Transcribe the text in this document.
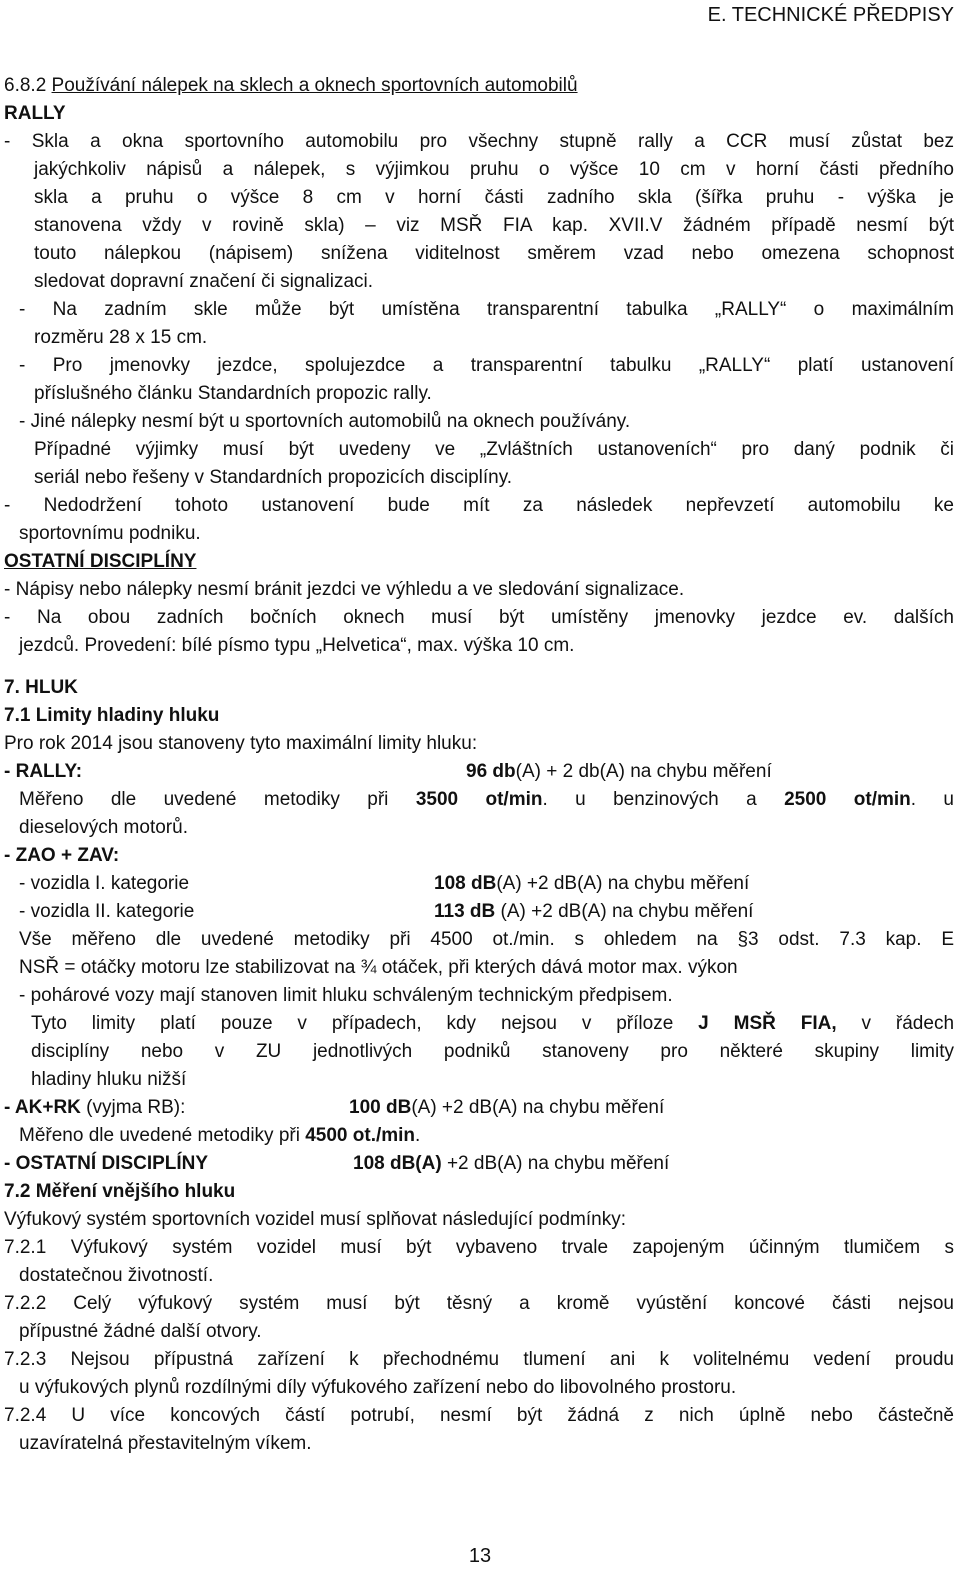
E. TECHNICKÉ PŘEDPISY
6.8.2 Používání nálepek na sklech a oknech sportovních automobilů
RALLY
- Skla a okna sportovního automobilu pro všechny stupně rally a CCR musí zůstat bez
jakýchkoliv nápisů a nálepek, s výjimkou pruhu o výšce 10 cm v horní části předního
skla a pruhu o výšce 8 cm v horní části zadního skla (šířka pruhu - výška je
stanovena vždy v rovině skla) – viz MSŘ FIA kap. XVII.V žádném případě nesmí být
touto nálepkou (nápisem) snížena viditelnost směrem vzad nebo omezena schopnost
sledovat dopravní značení či signalizaci.
- Na zadním skle může být umístěna transparentní tabulka „RALLY“ o maximálním
rozměru 28 x 15 cm.
- Pro jmenovky jezdce, spolujezdce a transparentní tabulku „RALLY“ platí ustanovení
příslušného článku Standardních propozic rally.
- Jiné nálepky nesmí být u sportovních automobilů na oknech používány.
Případné výjimky musí být uvedeny ve „Zvláštních ustanoveních“ pro daný podnik či
seriál nebo řešeny v Standardních propozicích disciplíny.
- Nedodržení tohoto ustanovení bude mít za následek nepřevzetí automobilu ke
sportovnímu podniku.
OSTATNÍ DISCIPLÍNY
- Nápisy nebo nálepky nesmí bránit jezdci ve výhledu a ve sledování signalizace.
- Na obou zadních bočních oknech musí být umístěny jmenovky jezdce ev. dalších
jezdců. Provedení: bílé písmo typu „Helvetica“, max. výška 10 cm.
7. HLUK
7.1 Limity hladiny hluku
Pro rok 2014 jsou stanoveny tyto maximální limity hluku:
- RALLY:	96 db(A) + 2 db(A) na chybu měření
Měřeno dle uvedené metodiky při 3500 ot/min. u benzinových a 2500 ot/min. u
dieselových motorů.
- ZAO + ZAV:
- vozidla I. kategorie	108 dB(A) +2 dB(A) na chybu měření
- vozidla II. kategorie	113 dB (A) +2 dB(A) na chybu měření
Vše měřeno dle uvedené metodiky při 4500 ot./min. s ohledem na §3 odst. 7.3 kap. E
NSŘ = otáčky motoru lze stabilizovat na ¾ otáček, při kterých dává motor max. výkon
- pohárové vozy mají stanoven limit hluku schváleným technickým předpisem.
Tyto limity platí pouze v případech, kdy nejsou v příloze J MSŘ FIA, v řádech
disciplíny nebo v ZU jednotlivých podniků stanoveny pro některé skupiny limity
hladiny hluku nižší
- AK+RK (vyjma RB):	100 dB(A) +2 dB(A) na chybu měření
Měřeno dle uvedené metodiky při 4500 ot./min.
- OSTATNÍ DISCIPLÍNY	108 dB(A) +2 dB(A) na chybu měření
7.2 Měření vnějšího hluku
Výfukový systém sportovních vozidel musí splňovat následující podmínky:
7.2.1 Výfukový systém vozidel musí být vybaveno trvale zapojeným účinným tlumičem s
dostatečnou životností.
7.2.2 Celý výfukový systém musí být těsný a kromě vyústění koncové části nejsou
přípustné žádné další otvory.
7.2.3 Nejsou přípustná zařízení k přechodnému tlumení ani k volitelnému vedení proudu
u výfukových plynů rozdílnými díly výfukového zařízení nebo do libovolného prostoru.
7.2.4 U více koncových částí potrubí, nesmí být žádná z nich úplně nebo částečně
uzavíratelná přestavitelným víkem.
13
